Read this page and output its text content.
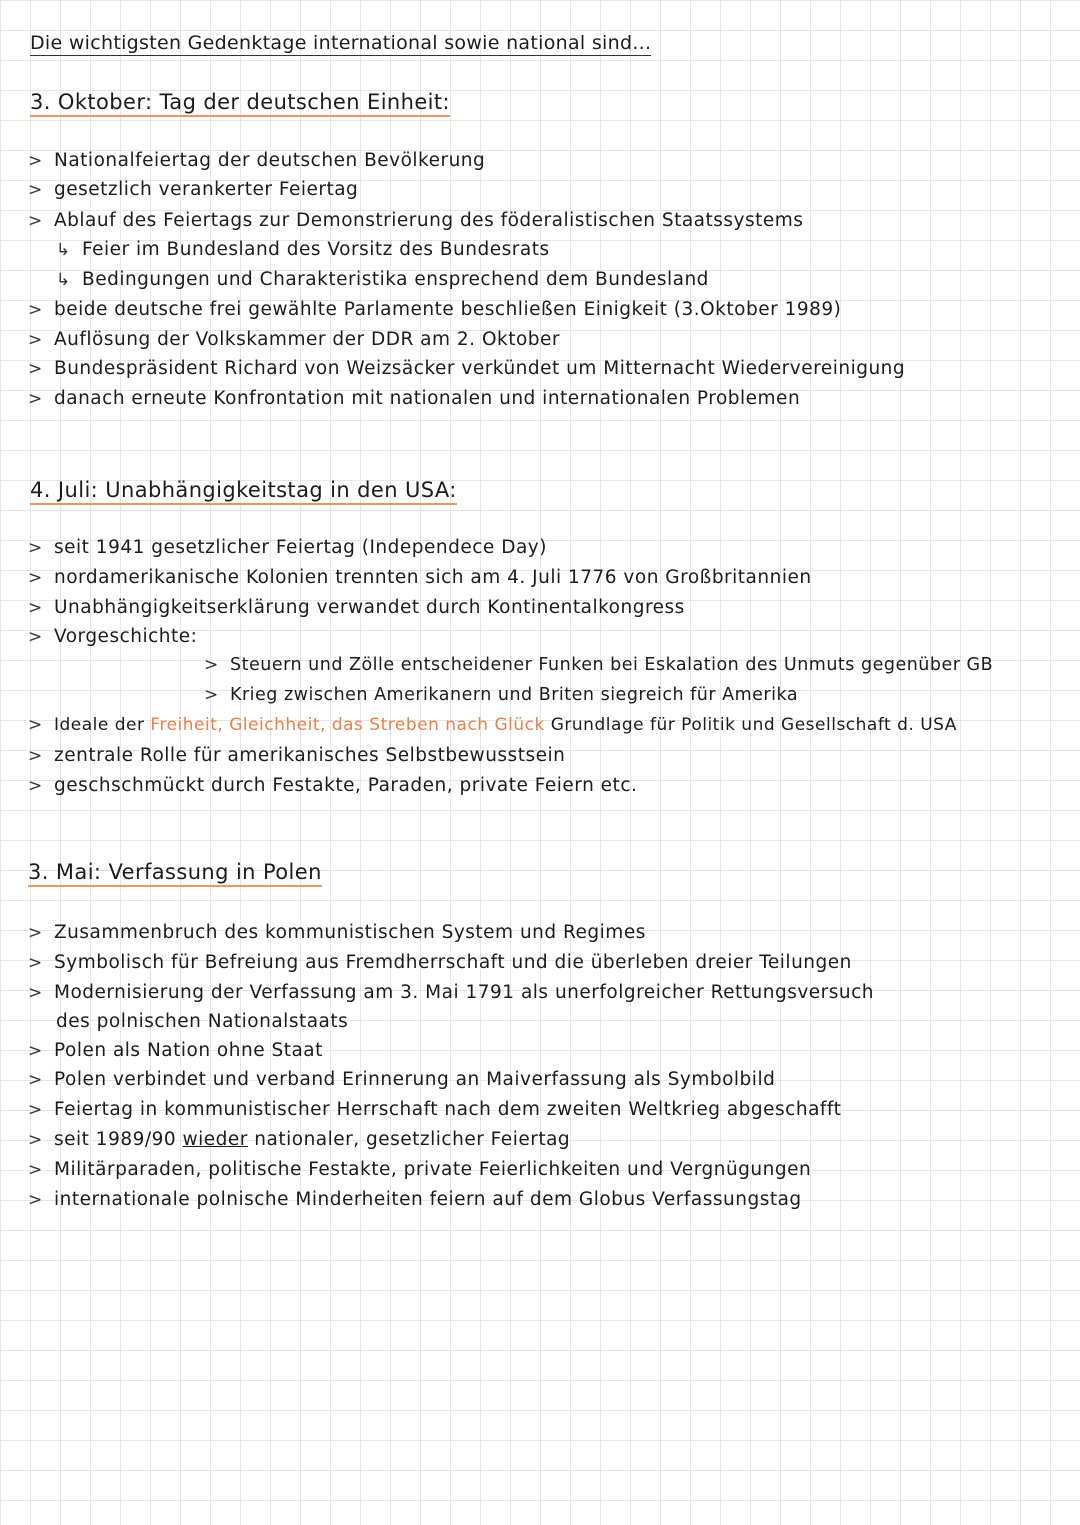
Die wichtigsten Gedenktage international sowie national sind...
3. Oktober: Tag der deutschen Einheit:
> Nationalfeiertag der deutschen Bevölkerung
> gesetzlich verankerter Feiertag
> Ablauf des Feiertags zur Demonstrierung des föderalistischen Staatssystems
↳ Feier im Bundesland des Vorsitz des Bundesrats
↳ Bedingungen und Charakteristika ensprechend dem Bundesland
> beide deutsche frei gewählte Parlamente beschließen Einigkeit (3.Oktober 1989)
> Auflösung der Volkskammer der DDR am 2. Oktober
> Bundespräsident Richard von Weizsäcker verkündet um Mitternacht Wiedervereinigung
> danach erneute Konfrontation mit nationalen und internationalen Problemen
4. Juli: Unabhängigkeitstag in den USA:
> seit 1941 gesetzlicher Feiertag (Independece Day)
> nordamerikanische Kolonien trennten sich am 4. Juli 1776 von Großbritannien
> Unabhängigkeitserklärung verwandet durch Kontinentalkongress
> Vorgeschichte:
> Steuern und Zölle entscheidener Funken bei Eskalation des Unmuts gegenüber GB
> Krieg zwischen Amerikanern und Briten siegreich für Amerika
> Ideale der Freiheit, Gleichheit, das Streben nach Glück Grundlage für Politik und Gesellschaft d. USA
> zentrale Rolle für amerikanisches Selbstbewusstsein
> geschschmückt durch Festakte, Paraden, private Feiern etc.
3. Mai: Verfassung in Polen
> Zusammenbruch des kommunistischen System und Regimes
> Symbolisch für Befreiung aus Fremdherrschaft und die überleben dreier Teilungen
> Modernisierung der Verfassung am 3. Mai 1791 als unerfolgreicher Rettungsversuch
des polnischen Nationalstaats
> Polen als Nation ohne Staat
> Polen verbindet und verband Erinnerung an Maiverfassung als Symbolbild
> Feiertag in kommunistischer Herrschaft nach dem zweiten Weltkrieg abgeschafft
> seit 1989/90 wieder nationaler, gesetzlicher Feiertag
> Militärparaden, politische Festakte, private Feierlichkeiten und Vergnügungen
> internationale polnische Minderheiten feiern auf dem Globus Verfassungstag
